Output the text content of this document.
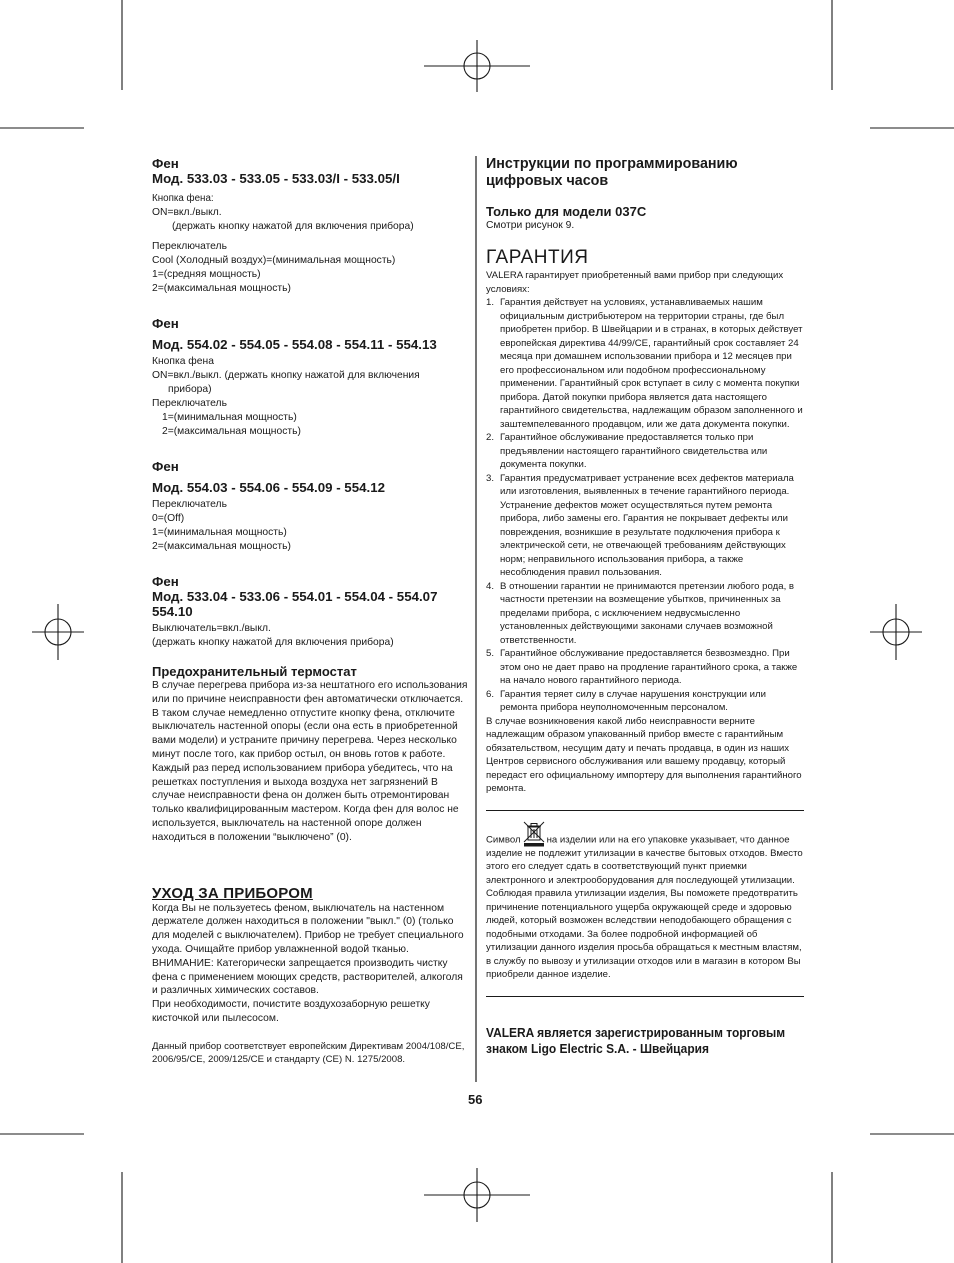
Фен

Мод. 533.03 - 533.05 - 533.03/I - 533.05/I

Кнопка фена:

ON=вкл./выкл.

(держать кнопку нажатой для включения прибора)

Переключатель

Cool (Холодный воздух)=(минимальная мощность)

1=(средняя мощность)

2=(максимальная мощность)

Фен

Мод. 554.02 - 554.05 - 554.08 - 554.11 - 554.13

Кнопка фена

ON=вкл./выкл. (держать кнопку нажатой для включения

прибора)

Переключатель

1=(минимальная мощность)

2=(максимальная мощность)

Фен

Мод. 554.03 - 554.06 - 554.09 - 554.12

Переключатель

0=(Off)

1=(минимальная мощность)

2=(максимальная мощность)

Фен

Мод. 533.04 - 533.06 - 554.01 - 554.04 - 554.07 554.10

Выключатель=вкл./выкл.

(держать кнопку нажатой для включения прибора)

Предохранительный термостат

В случае перегрева прибора из-за нештатного его использования или по причине неисправности фен автоматически отключается. В таком случае немедленно отпустите кнопку фена, отключите выключатель настенной опоры (если она есть в приобретенной вами модели) и устраните причину перегрева. Через несколько минут после того, как прибор остыл, он вновь готов к работе. Каждый раз перед использованием прибора убедитесь, что на решетках поступления и выхода воздуха нет загрязнений В случае неисправности фена он должен быть отремонтирован только квалифицированным мастером. Когда фен для волос не используется, выключатель на настенной опоре должен находиться в положении “выключено” (0).

УХОД ЗА ПРИБОРОМ

Когда Вы не пользуетесь феном, выключатель на настенном держателе должен находиться в положении "выкл." (0) (только для моделей с выключателем). Прибор не требует специального ухода. Очищайте прибор увлажненной водой тканью.

ВНИМАНИЕ: Категорически запрещается производить чистку фена с применением моющих средств, растворителей, алкоголя и различных химических составов.

При необходимости, почистите воздухозаборную решетку кисточкой или пылесосом.

Данный прибор соответствует европейским Директивам 2004/108/CE, 2006/95/CE, 2009/125/CE и стандарту (CE) N. 1275/2008.

Инструкции по программированию цифровых часов

Только для модели 037C

Смотри рисунок 9.

ГАРАНТИЯ

VALERA гарантирует приобретенный вами прибор при следующих условиях:

1. Гарантия действует на условиях, устанавливаемых нашим официальным дистрибьютером на территории страны, где был приобретен прибор. В Швейцарии и в странах, в которых действует европейская директива 44/99/CE, гарантийный срок составляет 24 месяца при домашнем использовании прибора и 12 месяцев при его профессиональном или подобном профессиональному применении. Гарантийный срок вступает в силу с момента покупки прибора. Датой покупки прибора является дата настоящего гарантийного свидетельства, надлежащим образом заполненного и заштемпелеванного продавцом, или же дата документа покупки.
2. Гарантийное обслуживание предоставляется только при предъявлении настоящего гарантийного свидетельства или документа покупки.
3. Гарантия предусматривает устранение всех дефектов материала или изготовления, выявленных в течение гарантийного периода. Устранение дефектов может осуществляться путем ремонта прибора, либо замены его. Гарантия не покрывает дефекты или повреждения, возникшие в результате подключения прибора к электрической сети, не отвечающей требованиям действующих норм; неправильного использования прибора, а также несоблюдения правил пользования.
4. В отношении гарантии не принимаются претензии любого рода, в частности претензии на возмещение убытков, причиненных за пределами прибора, с исключением недвусмысленно установленных действующими законами случаев возможной ответственности.
5. Гарантийное обслуживание предоставляется безвозмездно. При этом оно не дает право на продление гарантийного срока, а также на начало нового гарантийного периода.
6. Гарантия теряет силу в случае нарушения конструкции или ремонта прибора неуполномоченным персоналом.

В случае возникновения какой либо неисправности верните надлежащим образом упакованный прибор вместе с гарантийным обязательством, несущим дату и печать продавца, в один из наших Центров сервисного обслуживания или вашему продавцу, который передаст его официальному импортеру для выполнения гарантийного ремонта.

Символ	на изделии или на его упаковке указывает, что данное изделие не подлежит утилизации в качестве бытовых отходов. Вместо этого его следует сдать в соответствующий пункт приемки электронного и электрооборудования для последующей утилизации. Соблюдая правила утилизации изделия, Вы поможете предотвратить причинение потенциального ущерба окружающей среде и здоровью людей, который возможен вследствии неподобающего обращения с подобными отходами. За более подробной информацией об утилизации данного изделия просьба обращаться к местным властям, в службу по вывозу и утилизации отходов или в магазин в котором Вы приобрели данное изделие.

VALERA является зарегистрированным торговым знаком Ligo Electric S.A. - Швейцария

56
